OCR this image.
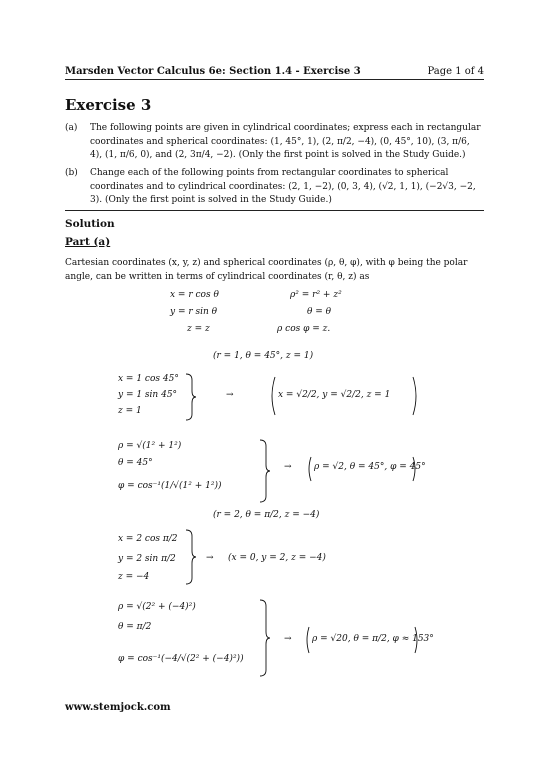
Marsden Vector Calculus 6e: Section 1.4 - Exercise 3	Page 1 of 4
Exercise 3
(a) The following points are given in cylindrical coordinates; express each in rectangular coordinates and spherical coordinates: (1, 45°, 1), (2, π/2, −4), (0, 45°, 10), (3, π/6, 4), (1, π/6, 0), and (2, 3π/4, −2). (Only the first point is solved in the Study Guide.)
(b) Change each of the following points from rectangular coordinates to spherical coordinates and to cylindrical coordinates: (2, 1, −2), (0, 3, 4), (√2, 1, 1), (−2√3, −2, 3). (Only the first point is solved in the Study Guide.)
Solution
Part (a)
Cartesian coordinates (x, y, z) and spherical coordinates (ρ, θ, φ), with φ being the polar angle, can be written in terms of cylindrical coordinates (r, θ, z) as
x = r cos θ
y = r sin θ
z = z
ρ² = r² + z²
θ = θ
ρ cos φ = z.
(r = 1, θ = 45°, z = 1)
x = 1 cos 45°
y = 1 sin 45°
z = 1
→	x = √2/2, y = √2/2, z = 1
ρ = √(1² + 1²)
θ = 45°
φ = cos⁻¹(1/√(1² + 1²))
→ ρ = √2, θ = 45°, φ = 45°
(r = 2, θ = π/2, z = −4)
x = 2 cos π/2
y = 2 sin π/2
z = −4
→ (x = 0, y = 2, z = −4)
ρ = √(2² + (−4)²)
θ = π/2
φ = cos⁻¹(−4/√(2² + (−4)²))
→ ρ = √20, θ = π/2, φ ≈ 153°
www.stemjock.com
